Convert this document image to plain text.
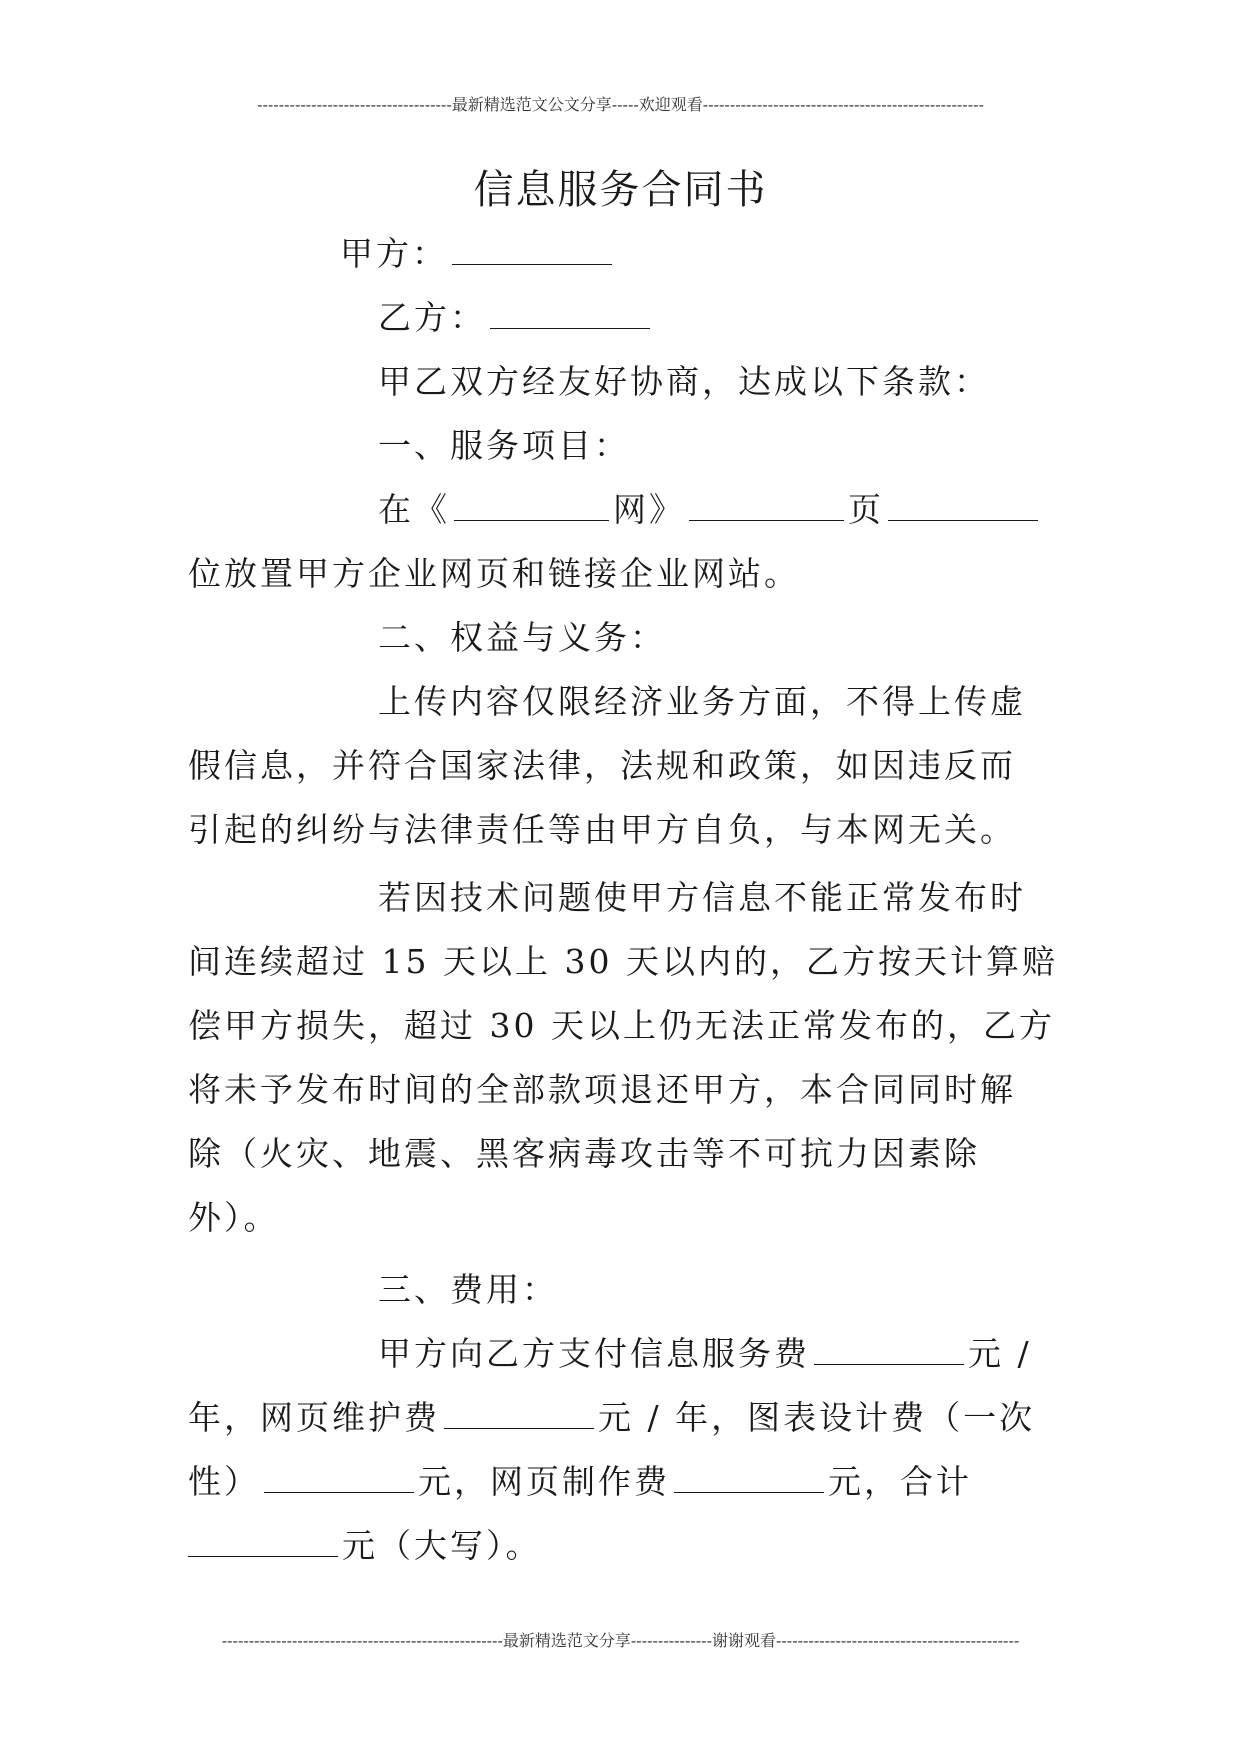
------------------------------------最新精选范文公文分享-----欢迎观看----------------------------------------------------
信息服务合同书
甲方：
乙方：
甲乙双方经友好协商，达成以下条款：
一、服务项目：
在《	网》	页
位放置甲方企业网页和链接企业网站。
二、权益与义务：
上传内容仅限经济业务方面，不得上传虚
假信息，并符合国家法律，法规和政策，如因违反而
引起的纠纷与法律责任等由甲方自负，与本网无关。
若因技术问题使甲方信息不能正常发布时
间连续超过 15 天以上 30 天以内的，乙方按天计算赔
偿甲方损失，超过 30 天以上仍无法正常发布的，乙方
将未予发布时间的全部款项退还甲方，本合同同时解
除（火灾、地震、黑客病毒攻击等不可抗力因素除
外）。
三、费用：
甲方向乙方支付信息服务费	元 /
年，网页维护费	元 / 年，图表设计费（一次
性）	元，网页制作费	元，合计
元（大写）。
----------------------------------------------------最新精选范文分享---------------谢谢观看---------------------------------------------
